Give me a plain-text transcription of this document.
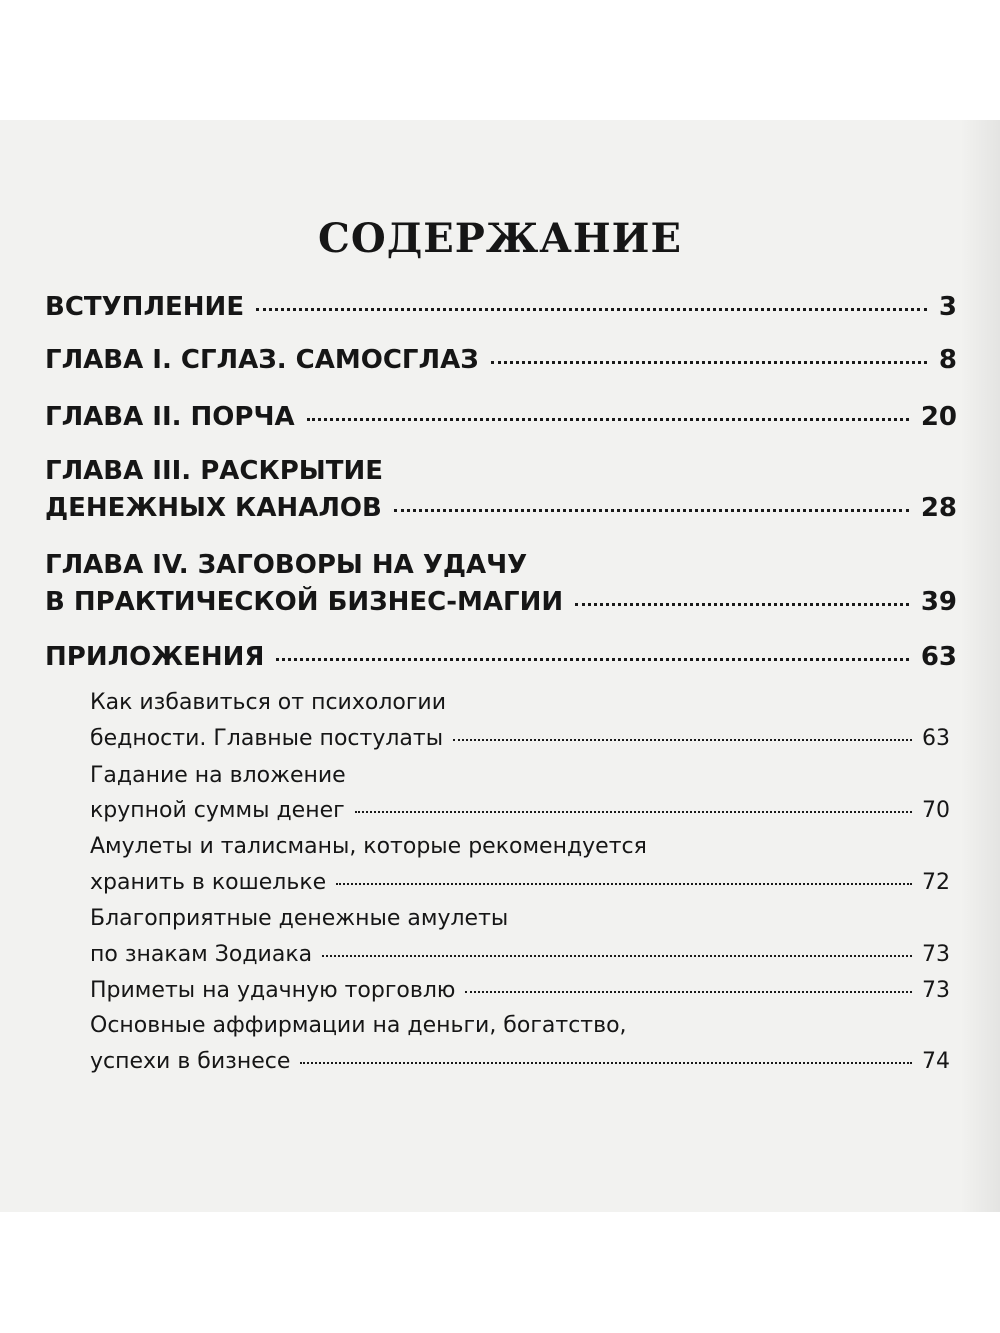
СОДЕРЖАНИЕ
ВСТУПЛЕНИЕ	3
ГЛАВА I. СГЛАЗ. САМОСГЛАЗ	8
ГЛАВА II. ПОРЧА	20
ГЛАВА III. РАСКРЫТИЕ
ДЕНЕЖНЫХ КАНАЛОВ	28
ГЛАВА IV. ЗАГОВОРЫ НА УДАЧУ
В ПРАКТИЧЕСКОЙ БИЗНЕС-МАГИИ	39
ПРИЛОЖЕНИЯ	63
Как избавиться от психологии
бедности. Главные постулаты	63
Гадание на вложение
крупной суммы денег	70
Амулеты и талисманы, которые рекомендуется
хранить в кошельке	72
Благоприятные денежные амулеты
по знакам Зодиака	73
Приметы на удачную торговлю	73
Основные аффирмации на деньги, богатство,
успехи в бизнесе	74
